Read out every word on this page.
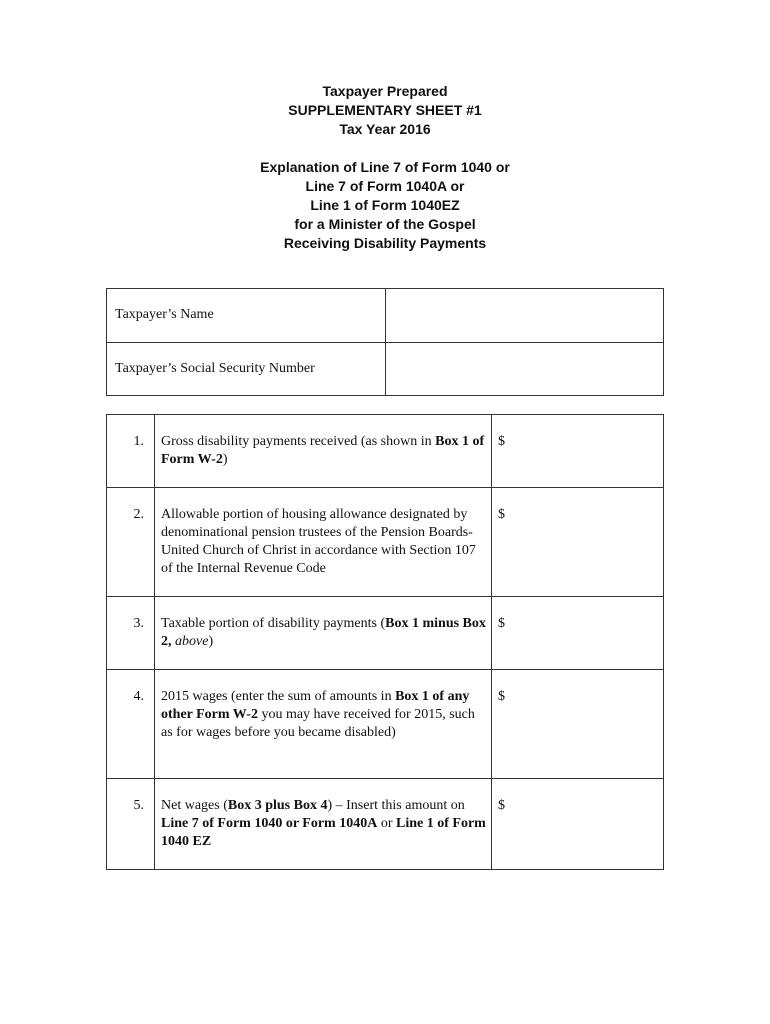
Taxpayer Prepared
SUPPLEMENTARY SHEET #1
Tax Year 2016
Explanation of Line 7 of Form 1040 or
Line 7 of Form 1040A or
Line 1 of Form 1040EZ
for a Minister of the Gospel
Receiving Disability Payments
Taxpayer’s Name	
Taxpayer’s Social Security Number	
1.	Gross disability payments received (as shown in Box 1 of Form W-2)	$
2.	Allowable portion of housing allowance designated by denominational pension trustees of the Pension Boards-United Church of Christ in accordance with Section 107 of the Internal Revenue Code	$
3.	Taxable portion of disability payments (Box 1 minus Box 2, above)	$
4.	2015 wages (enter the sum of amounts in Box 1 of any other Form W-2 you may have received for 2015, such as for wages before you became disabled)	$
5.	Net wages (Box 3 plus Box 4) – Insert this amount on Line 7 of Form 1040 or Form 1040A or Line 1 of Form 1040 EZ	$
